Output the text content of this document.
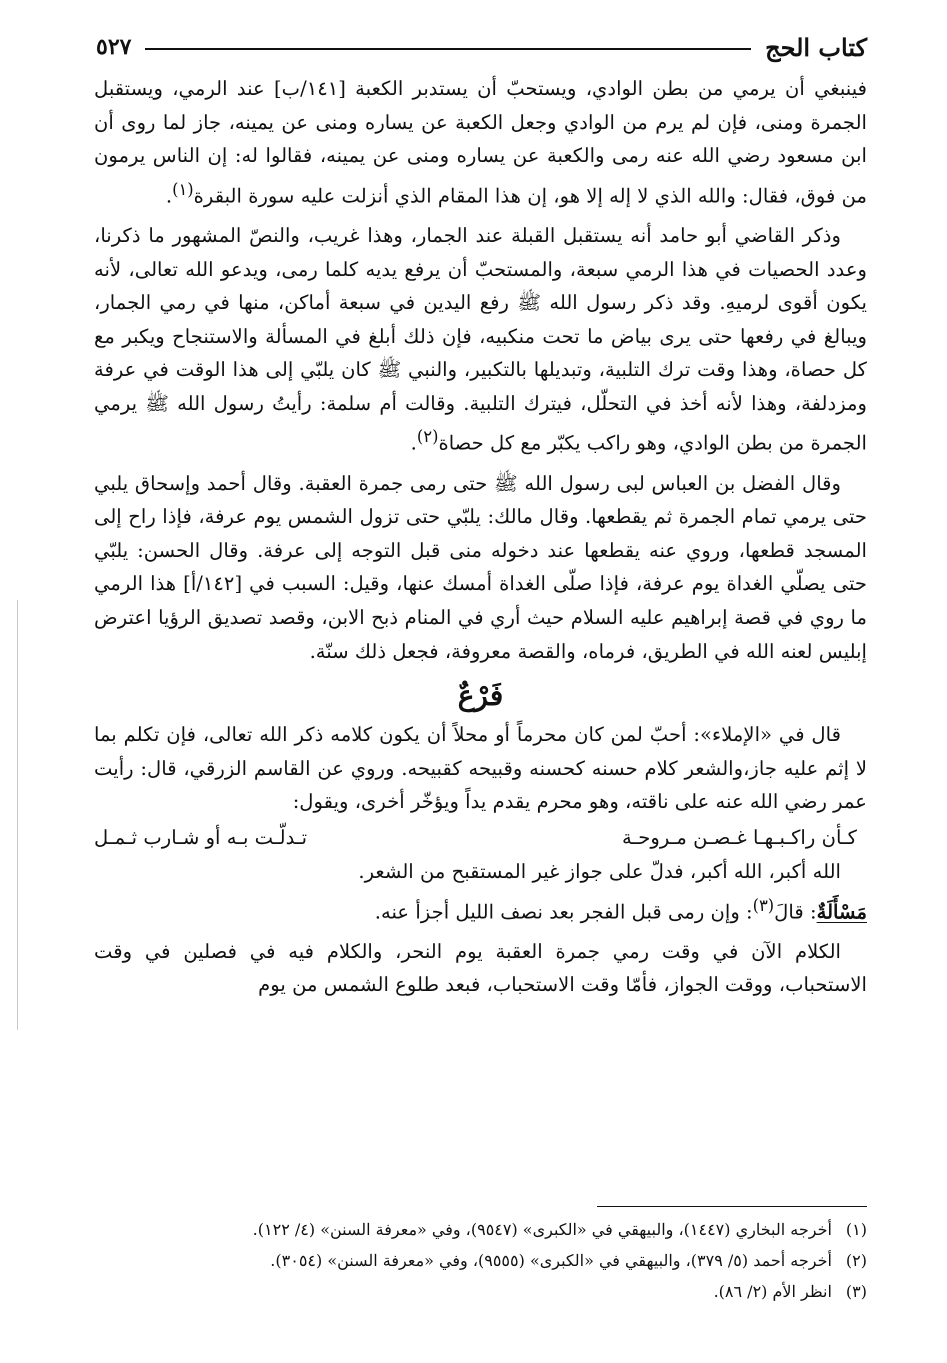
كتاب الحج
٥٢٧

فينبغي أن يرمي من بطن الوادي، ويستحبّ أن يستدبر الكعبة [١٤١/ب] عند الرمي، ويستقبل الجمرة ومنى، فإن لم يرم من الوادي وجعل الكعبة عن يساره ومنى عن يمينه، جاز لما روى أن ابن مسعود رضي الله عنه رمى والكعبة عن يساره ومنى عن يمينه، فقالوا له: إن الناس يرمون من فوق، فقال: والله الذي لا إله إلا هو، إن هذا المقام الذي أنزلت عليه سورة البقرة$^{(١)}$.

وذكر القاضي أبو حامد أنه يستقبل القبلة عند الجمار، وهذا غريب، والنصّ المشهور ما ذكرنا، وعدد الحصيات في هذا الرمي سبعة، والمستحبّ أن يرفع يديه كلما رمى، ويدعو الله تعالى، لأنه يكون أقوى لرميهِ. وقد ذكر رسول الله ﷺ رفع اليدين في سبعة أماكن، منها في رمي الجمار، ويبالغ في رفعها حتى يرى بياض ما تحت منكبيه، فإن ذلك أبلغ في المسألة والاستنجاح ويكبر مع كل حصاة، وهذا وقت ترك التلبية، وتبديلها بالتكبير، والنبي ﷺ كان يلبّي إلى هذا الوقت في عرفة ومزدلفة، وهذا لأنه أخذ في التحلّل، فيترك التلبية. وقالت أم سلمة: رأيتُ رسول الله ﷺ يرمي الجمرة من بطن الوادي، وهو راكب يكبّر مع كل حصاة$^{(٢)}$.

وقال الفضل بن العباس لبى رسول الله ﷺ حتى رمى جمرة العقبة. وقال أحمد وإسحاق يلبي حتى يرمي تمام الجمرة ثم يقطعها. وقال مالك: يلبّي حتى تزول الشمس يوم عرفة، فإذا راح إلى المسجد قطعها، وروي عنه يقطعها عند دخوله منى قبل التوجه إلى عرفة. وقال الحسن: يلبّي حتى يصلّي الغداة يوم عرفة، فإذا صلّى الغداة أمسك عنها، وقيل: السبب في [١٤٢/أ] هذا الرمي ما روي في قصة إبراهيم عليه السلام حيث أري في المنام ذبح الابن، وقصد تصديق الرؤيا اعترض إبليس لعنه الله في الطريق، فرماه، والقصة معروفة، فجعل ذلك سنّة.

فَرْعٌ

قال في «الإملاء»: أحبّ لمن كان محرماً أو محلاً أن يكون كلامه ذكر الله تعالى، فإن تكلم بما لا إثم عليه جاز،والشعر كلام حسنه كحسنه وقبيحه كقبيحه. وروي عن القاسم الزرقي، قال: رأيت عمر رضي الله عنه على ناقته، وهو محرم يقدم يداً ويؤخّر أخرى، ويقول:

كـأن راكـبـهـا غـصـن مـروحـة
تـدلّـت بـه أو شـارب ثـمـل

الله أكبر، الله أكبر، فدلّ على جواز غير المستقبح من الشعر.

مَسْأَلَةٌ: قالَ$^{(٣)}$: وإن رمى قبل الفجر بعد نصف الليل أجزأ عنه.

الكلام الآن في وقت رمي جمرة العقبة يوم النحر، والكلام فيه في فصلين في وقت الاستحباب، ووقت الجواز، فأمّا وقت الاستحباب، فبعد طلوع الشمس من يوم

(١)
أخرجه البخاري (١٤٤٧)، والبيهقي في «الكبرى» (٩٥٤٧)، وفي «معرفة السنن» (٤/ ١٢٢).
(٢)
أخرجه أحمد (٥/ ٣٧٩)، والبيهقي في «الكبرى» (٩٥٥٥)، وفي «معرفة السنن» (٣٠٥٤).
(٣)
انظر الأم (٢/ ٨٦).
